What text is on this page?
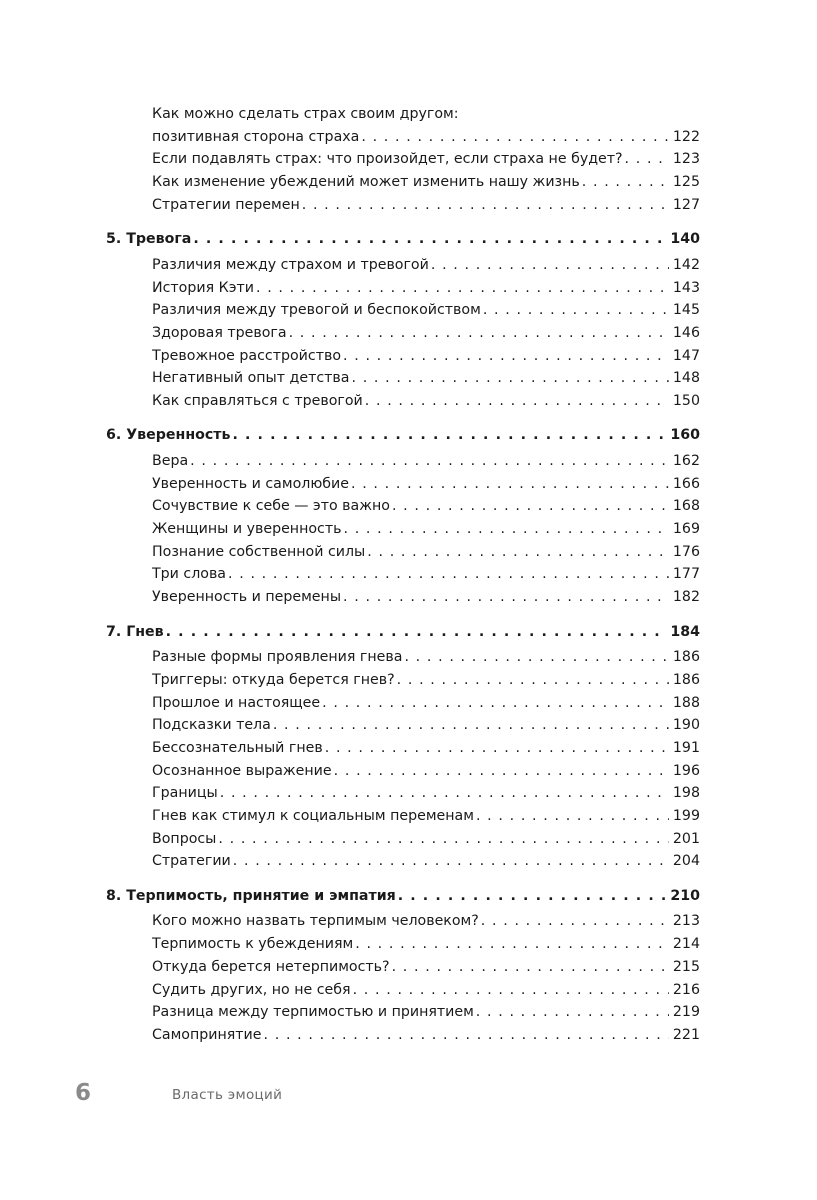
Как можно сделать страх своим другом:
позитивная сторона страха . . .	122
Если подавлять страх: что произойдет, если страха не будет? . . .	123
Как изменение убеждений может изменить нашу жизнь . . .	125
Стратегии перемен . . .	127
5. Тревога . . .	140
Различия между страхом и тревогой . . .	142
История Кэти . . .	143
Различия между тревогой и беспокойством . . .	145
Здоровая тревога . . .	146
Тревожное расстройство . . .	147
Негативный опыт детства . . .	148
Как справляться с тревогой . . .	150
6. Уверенность . . .	160
Вера . . .	162
Уверенность и самолюбие . . .	166
Сочувствие к себе — это важно . . .	168
Женщины и уверенность . . .	169
Познание собственной силы . . .	176
Три слова . . .	177
Уверенность и перемены . . .	182
7. Гнев . . .	184
Разные формы проявления гнева . . .	186
Триггеры: откуда берется гнев? . . .	186
Прошлое и настоящее . . .	188
Подсказки тела . . .	190
Бессознательный гнев . . .	191
Осознанное выражение . . .	196
Границы . . .	198
Гнев как стимул к социальным переменам . . .	199
Вопросы . . .	201
Стратегии . . .	204
8. Терпимость, принятие и эмпатия . . .	210
Кого можно назвать терпимым человеком? . . .	213
Терпимость к убеждениям . . .	214
Откуда берется нетерпимость? . . .	215
Судить других, но не себя . . .	216
Разница между терпимостью и принятием . . .	219
Самопринятие . . .	221
6	Власть эмоций
